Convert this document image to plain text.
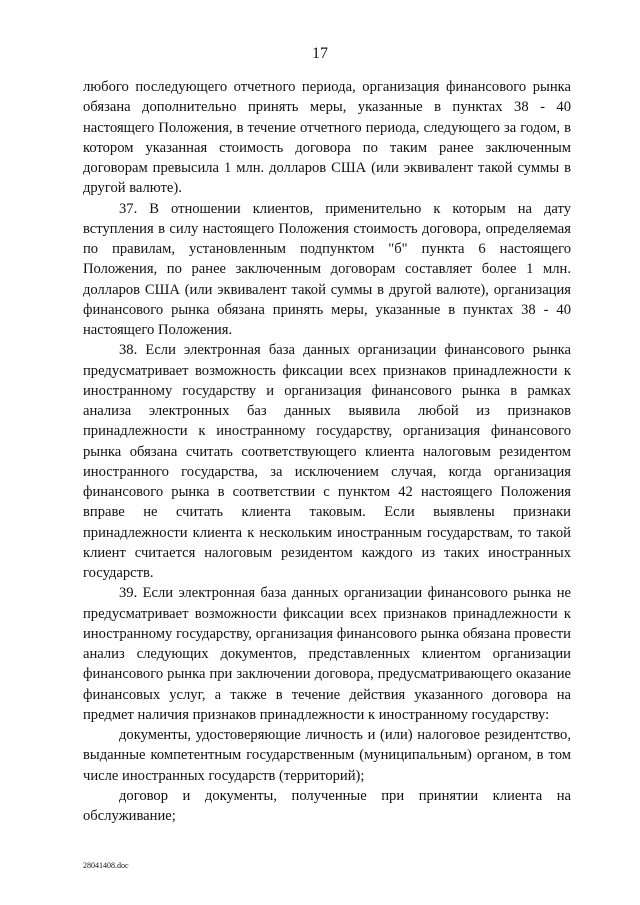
17

любого последующего отчетного периода, организация финансового рынка обязана дополнительно принять меры, указанные в пунктах 38 - 40 настоящего Положения, в течение отчетного периода, следующего за годом, в котором указанная стоимость договора по таким ранее заключенным договорам превысила 1 млн. долларов США (или эквивалент такой суммы в другой валюте).

37. В отношении клиентов, применительно к которым на дату вступления в силу настоящего Положения стоимость договора, определяемая по правилам, установленным подпунктом "б" пункта 6 настоящего Положения, по ранее заключенным договорам составляет более 1 млн. долларов США (или эквивалент такой суммы в другой валюте), организация финансового рынка обязана принять меры, указанные в пунктах 38 - 40 настоящего Положения.

38. Если электронная база данных организации финансового рынка предусматривает возможность фиксации всех признаков принадлежности к иностранному государству и организация финансового рынка в рамках анализа электронных баз данных выявила любой из признаков принадлежности к иностранному государству, организация финансового рынка обязана считать соответствующего клиента налоговым резидентом иностранного государства, за исключением случая, когда организация финансового рынка в соответствии с пунктом 42 настоящего Положения вправе не считать клиента таковым. Если выявлены признаки принадлежности клиента к нескольким иностранным государствам, то такой клиент считается налоговым резидентом каждого из таких иностранных государств.

39. Если электронная база данных организации финансового рынка не предусматривает возможности фиксации всех признаков принадлежности к иностранному государству, организация финансового рынка обязана провести анализ следующих документов, представленных клиентом организации финансового рынка при заключении договора, предусматривающего оказание финансовых услуг, а также в течение действия указанного договора на предмет наличия признаков принадлежности к иностранному государству:

документы, удостоверяющие личность и (или) налоговое резидентство, выданные компетентным государственным (муниципальным) органом, в том числе иностранных государств (территорий);

договор и документы, полученные при принятии клиента на обслуживание;

28041408.doc
